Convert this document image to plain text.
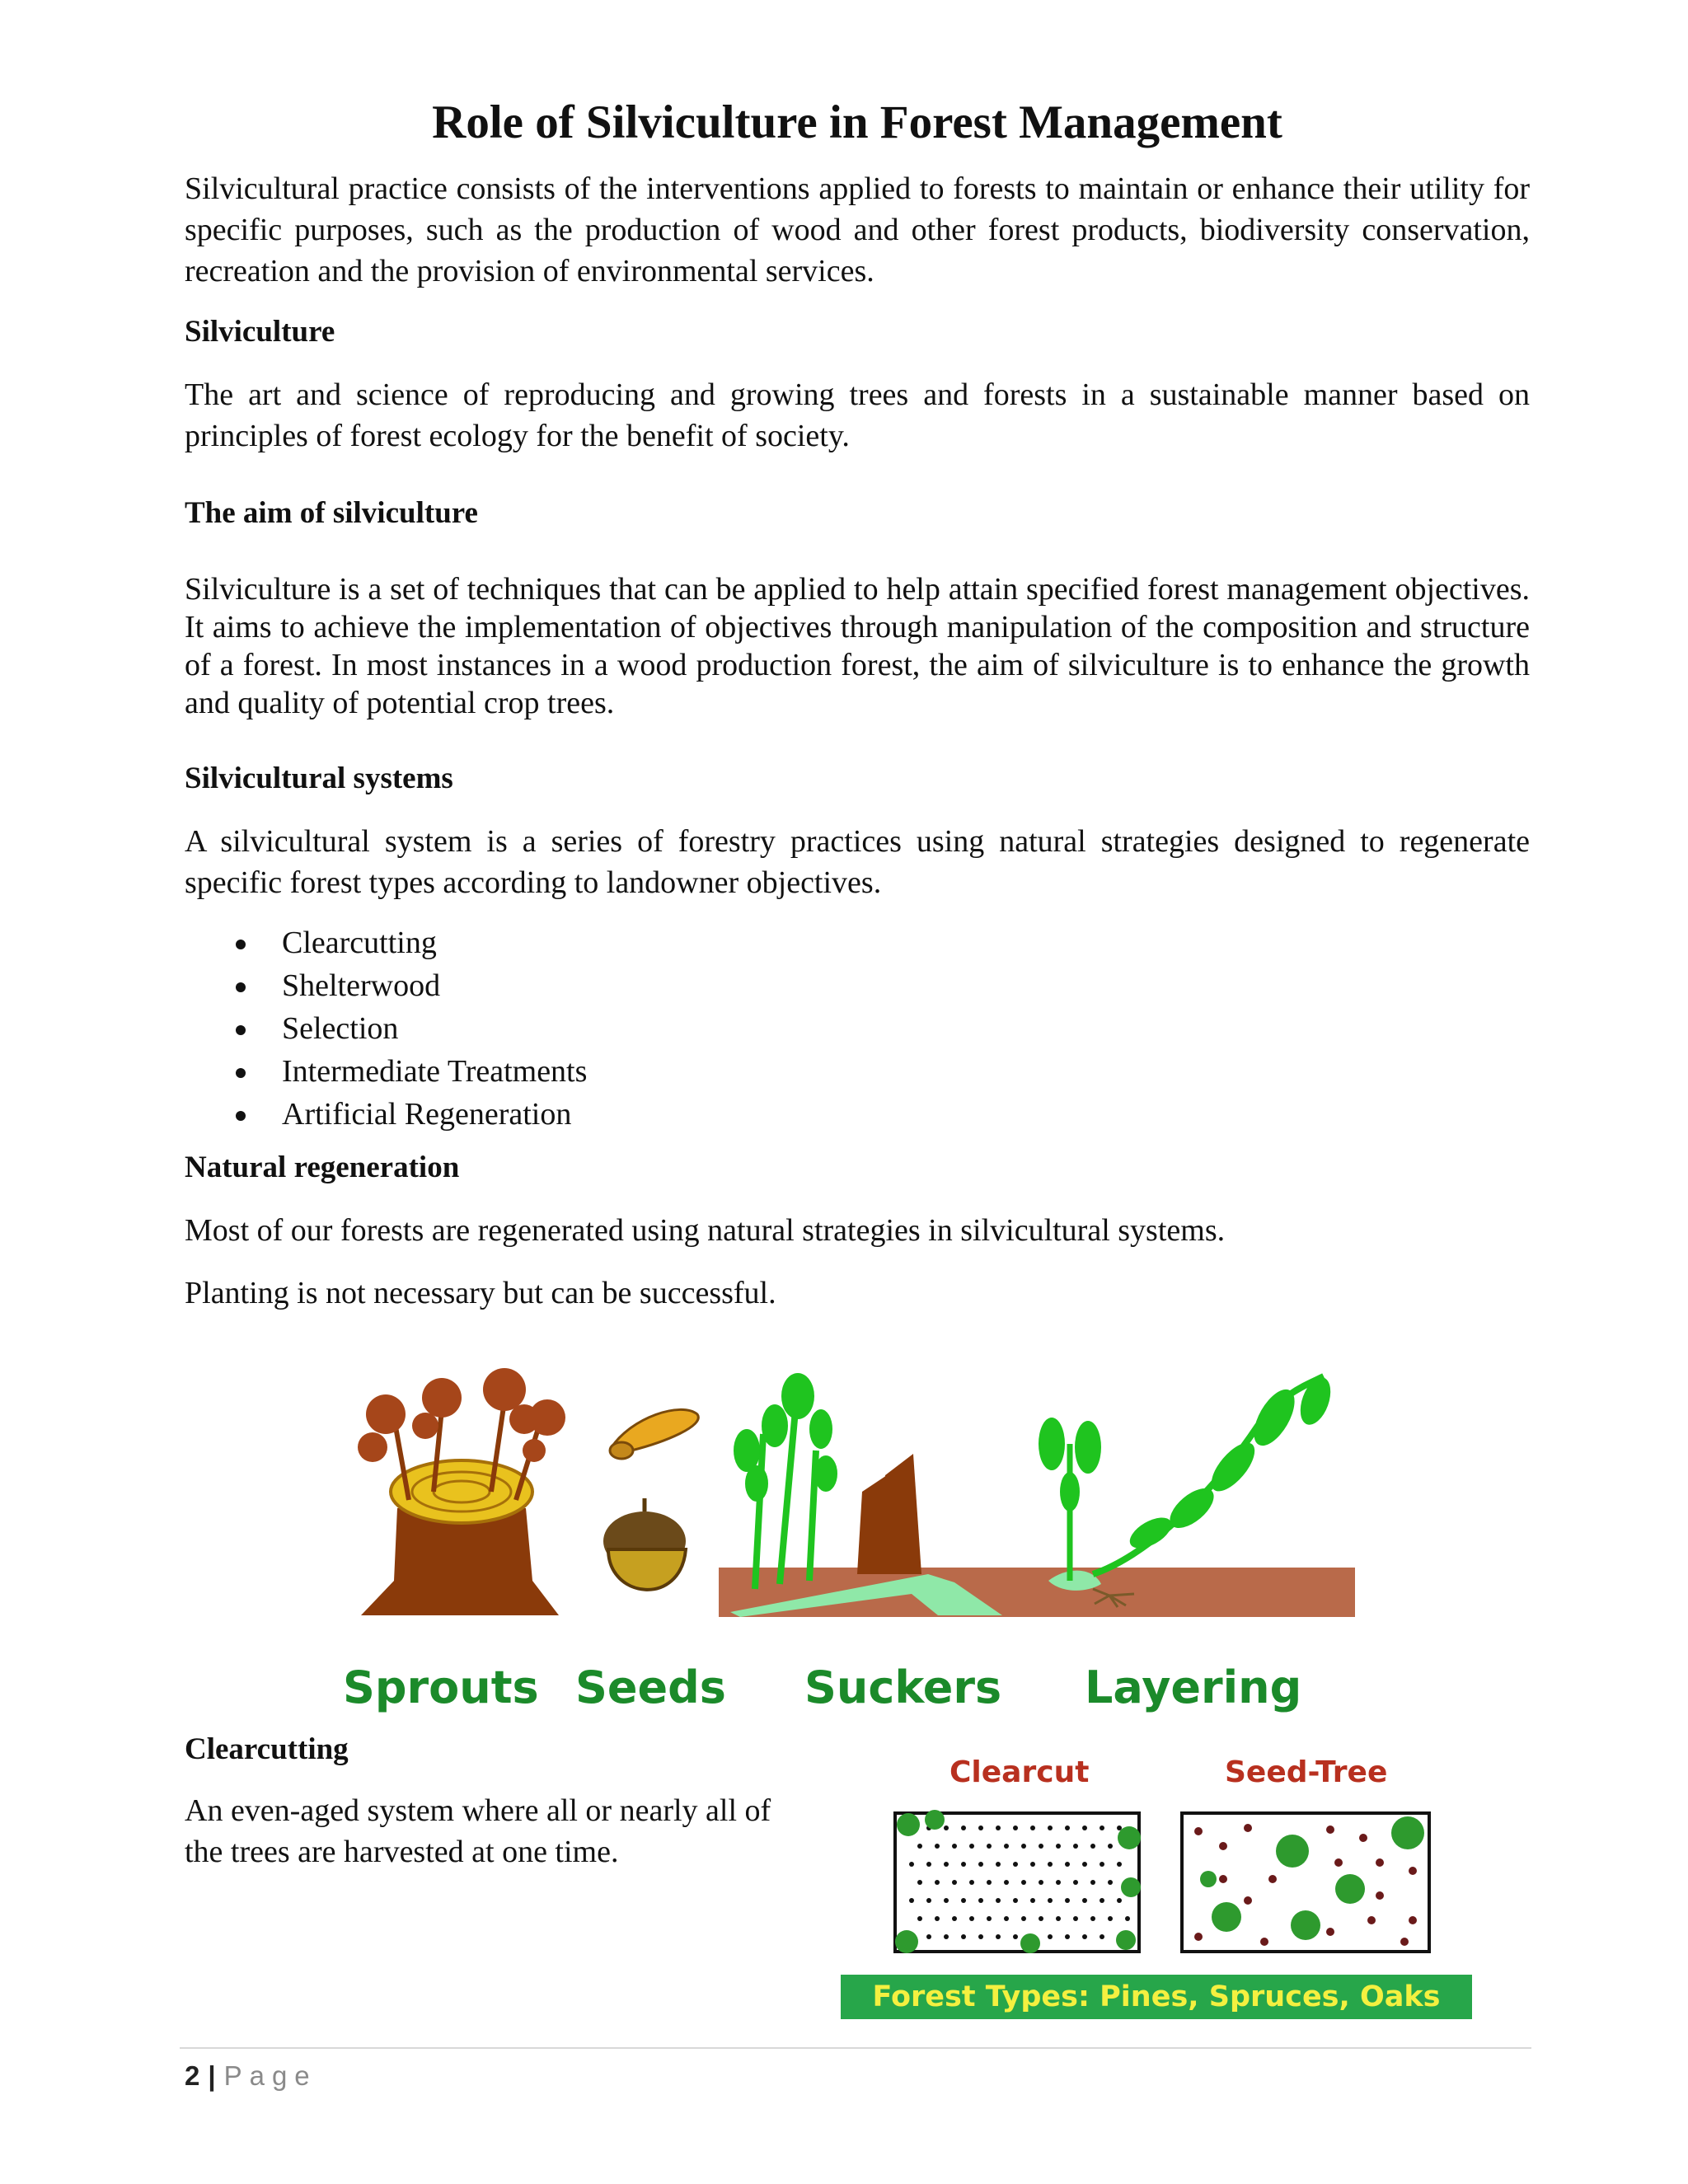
Role of Silviculture in Forest Management

Silvicultural practice consists of the interventions applied to forests to maintain or enhance their utility for specific purposes, such as the production of wood and other forest products, biodiversity conservation, recreation and the provision of environmental services.

Silviculture

The art and science of reproducing and growing trees and forests in a sustainable manner based on principles of forest ecology for the benefit of society.

The aim of silviculture

Silviculture is a set of techniques that can be applied to help attain specified forest management objectives. It aims to achieve the implementation of objectives through manipulation of the composition and structure of a forest. In most instances in a wood production forest, the aim of silviculture is to enhance the growth and quality of potential crop trees.

Silvicultural systems

A silvicultural system is a series of forestry practices using natural strategies designed to regenerate specific forest types according to landowner objectives.

Clearcutting
Shelterwood
Selection
Intermediate Treatments
Artificial Regeneration
Natural regeneration

Most of our forests are regenerated using natural strategies in silvicultural systems.

Planting is not necessary but can be successful.

Sprouts Seeds Suckers Layering
Clearcutting

An even-aged system where all or nearly all of the trees are harvested at one time.

Clearcut	Seed-Tree
Forest Types: Pines, Spruces, Oaks
2 | Page
